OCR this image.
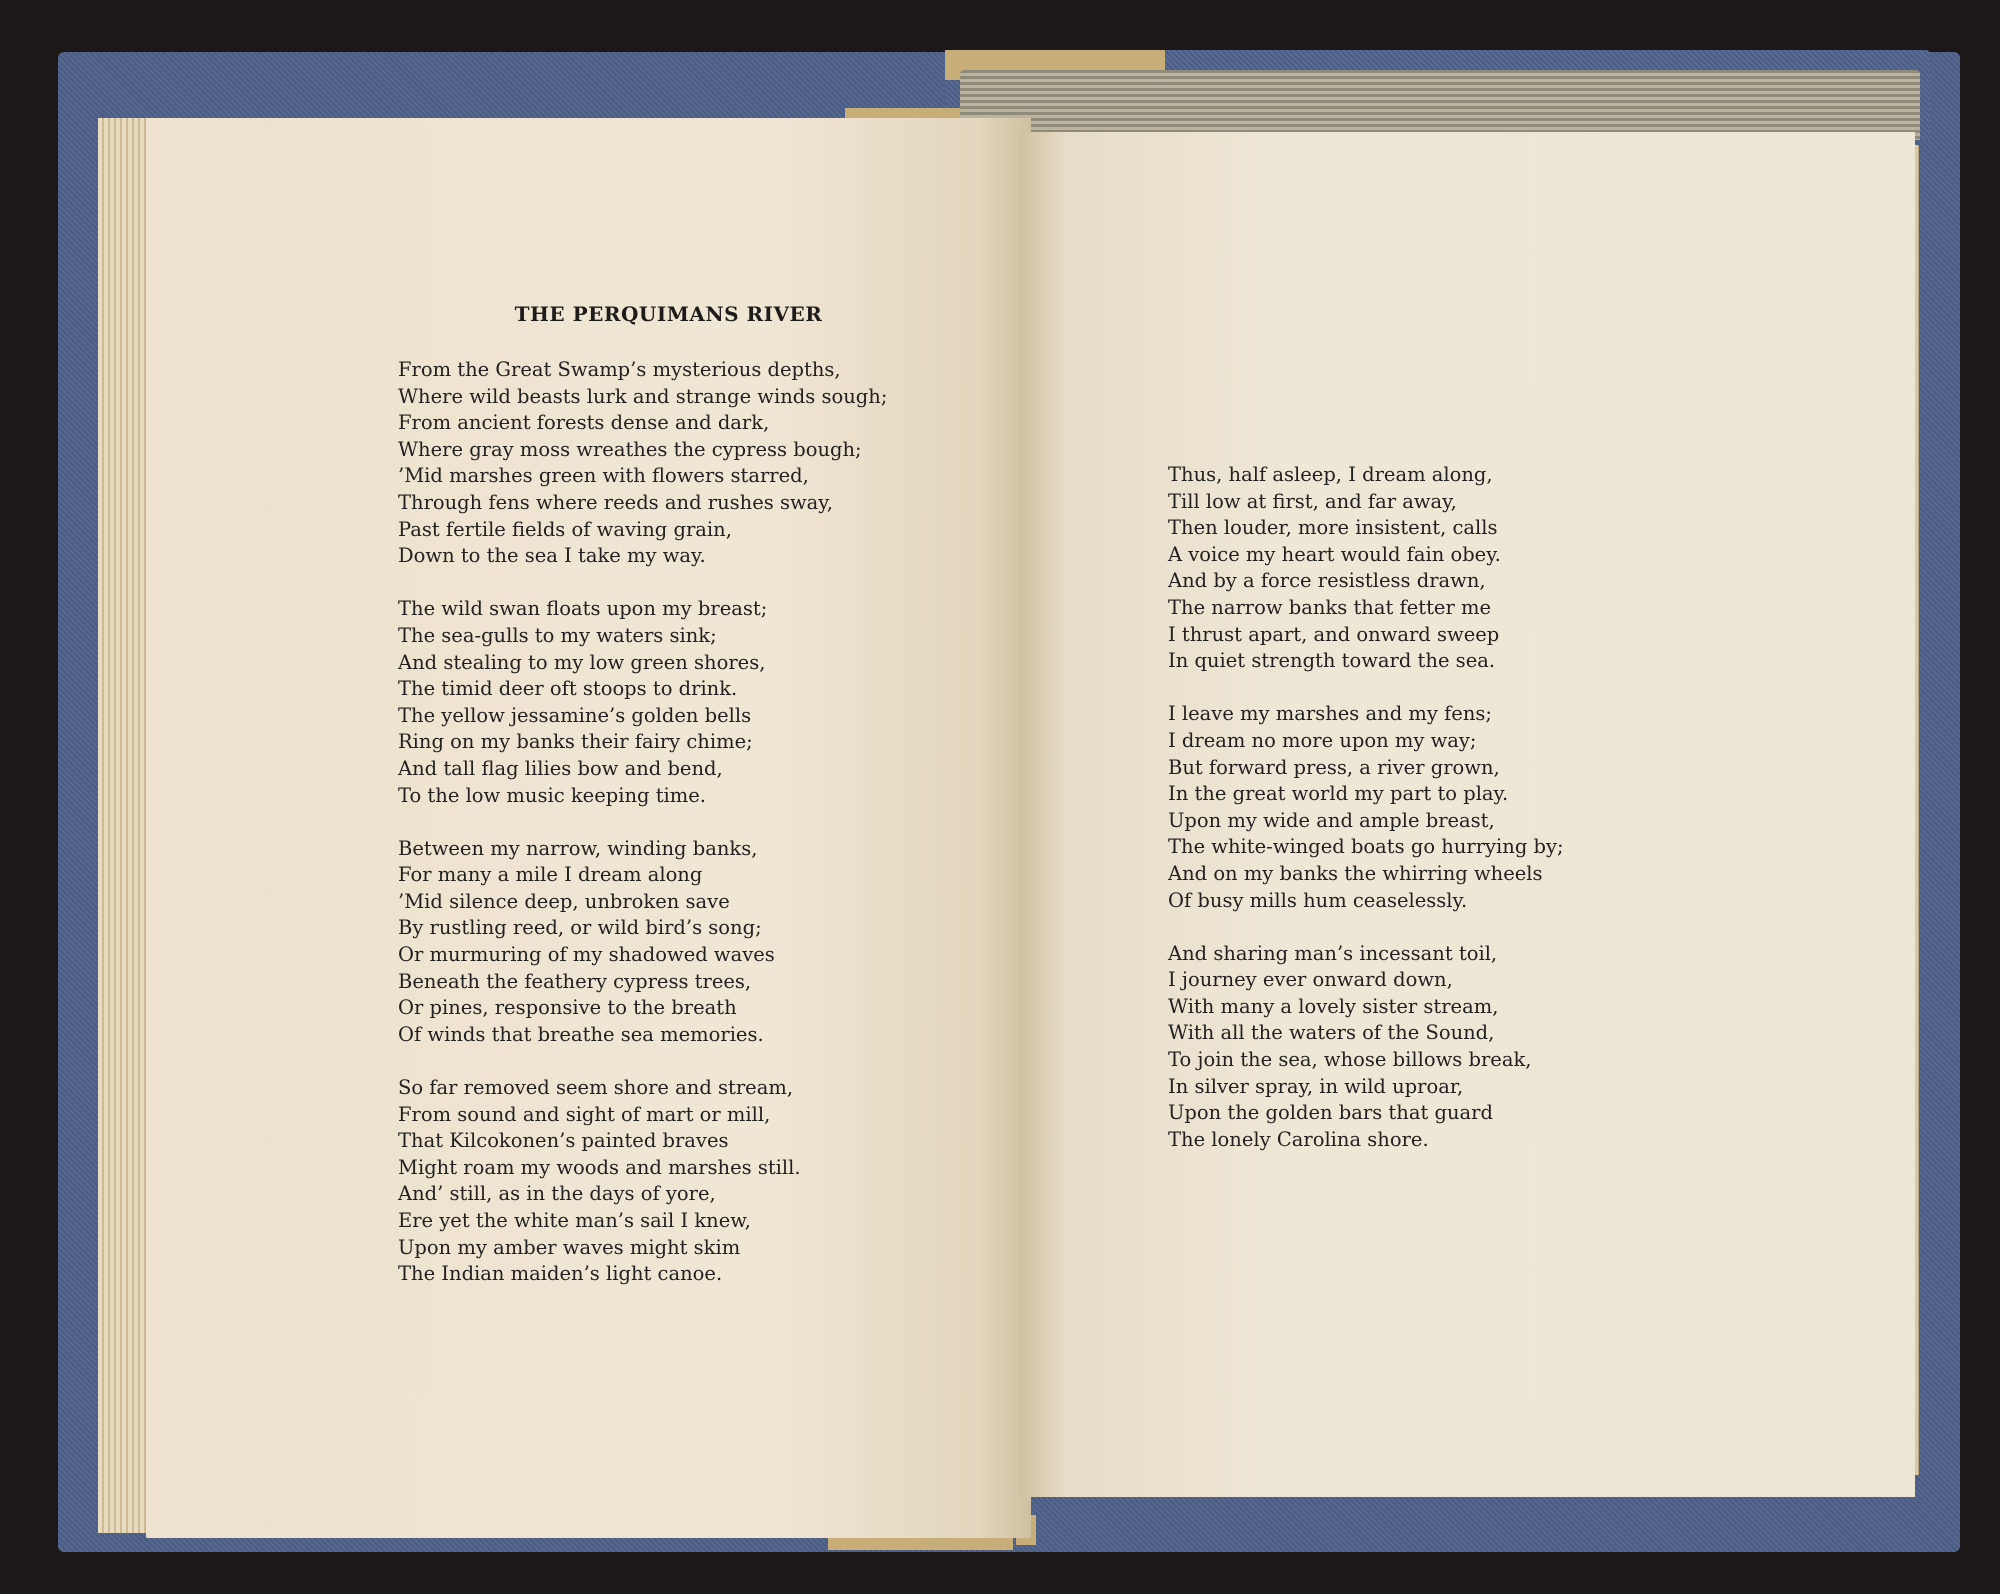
THE PERQUIMANS RIVER
From the Great Swamp’s mysterious depths,
Where wild beasts lurk and strange winds sough;
From ancient forests dense and dark,
Where gray moss wreathes the cypress bough;
’Mid marshes green with flowers starred,
Through fens where reeds and rushes sway,
Past fertile fields of waving grain,
Down to the sea I take my way.
The wild swan floats upon my breast;
The sea-gulls to my waters sink;
And stealing to my low green shores,
The timid deer oft stoops to drink.
The yellow jessamine’s golden bells
Ring on my banks their fairy chime;
And tall flag lilies bow and bend,
To the low music keeping time.
Between my narrow, winding banks,
For many a mile I dream along
’Mid silence deep, unbroken save
By rustling reed, or wild bird’s song;
Or murmuring of my shadowed waves
Beneath the feathery cypress trees,
Or pines, responsive to the breath
Of winds that breathe sea memories.
So far removed seem shore and stream,
From sound and sight of mart or mill,
That Kilcokonen’s painted braves
Might roam my woods and marshes still.
And’ still, as in the days of yore,
Ere yet the white man’s sail I knew,
Upon my amber waves might skim
The Indian maiden’s light canoe.
Thus, half asleep, I dream along,
Till low at first, and far away,
Then louder, more insistent, calls
A voice my heart would fain obey.
And by a force resistless drawn,
The narrow banks that fetter me
I thrust apart, and onward sweep
In quiet strength toward the sea.
I leave my marshes and my fens;
I dream no more upon my way;
But forward press, a river grown,
In the great world my part to play.
Upon my wide and ample breast,
The white-winged boats go hurrying by;
And on my banks the whirring wheels
Of busy mills hum ceaselessly.
And sharing man’s incessant toil,
I journey ever onward down,
With many a lovely sister stream,
With all the waters of the Sound,
To join the sea, whose billows break,
In silver spray, in wild uproar,
Upon the golden bars that guard
The lonely Carolina shore.
